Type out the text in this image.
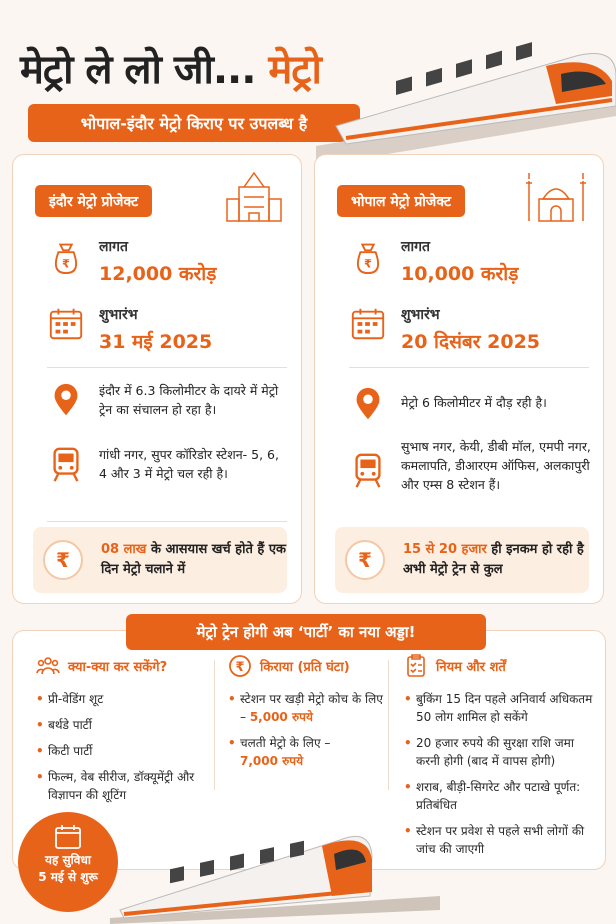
मेट्रो ले लो जी... मेट्रो
भोपाल-इंदौर मेट्रो किराए पर उपलब्ध है
इंदौर मेट्रो प्रोजेक्ट
₹
लागत
12,000 करोड़
शुभारंभ
31 मई 2025
इंदौर में 6.3 किलोमीटर के दायरे में मेट्रो ट्रेन का संचालन हो रहा है।
गांधी नगर, सुपर कॉरिडोर स्टेशन- 5, 6, 4 और 3 में मेट्रो चल रही है।
₹	08 लाख के आसयास खर्च होते हैं एक दिन मेट्रो चलाने में
भोपाल मेट्रो प्रोजेक्ट
₹
लागत
10,000 करोड़
शुभारंभ
20 दिसंबर 2025
मेट्रो 6 किलोमीटर में दौड़ रही है।
सुभाष नगर, केयी, डीबी मॉल, एमपी नगर, कमलापति, डीआरएम ऑफिस, अलकापुरी और एम्स 8 स्टेशन हैं।
₹	15 से 20 हजार ही इनकम हो रही है अभी मेट्रो ट्रेन से कुल
मेट्रो ट्रेन होगी अब ‘पार्टी’ का नया अड्डा!
क्या-क्या कर सकेंगे?
• प्री-वेडिंग शूट
• बर्थडे पार्टी
• किटी पार्टी
• फिल्म, वेब सीरीज, डॉक्यूमेंट्री और विज्ञापन की शूटिंग
₹ किराया (प्रति घंटा)
• स्टेशन पर खड़ी मेट्रो कोच के लिए – 5,000 रुपये
• चलती मेट्रो के लिए –
7,000 रुपये
नियम और शर्तें
• बुकिंग 15 दिन पहले अनिवार्य अधिकतम 50 लोग शामिल हो सकेंगे
• 20 हजार रुपये की सुरक्षा राशि जमा करनी होगी (बाद में वापस होगी)
• शराब, बीड़ी-सिगरेट और पटाखे पूर्णत: प्रतिबंधित
• स्टेशन पर प्रवेश से पहले सभी लोगों की जांच की जाएगी
यह सुविधा
5 मई से शुरू
